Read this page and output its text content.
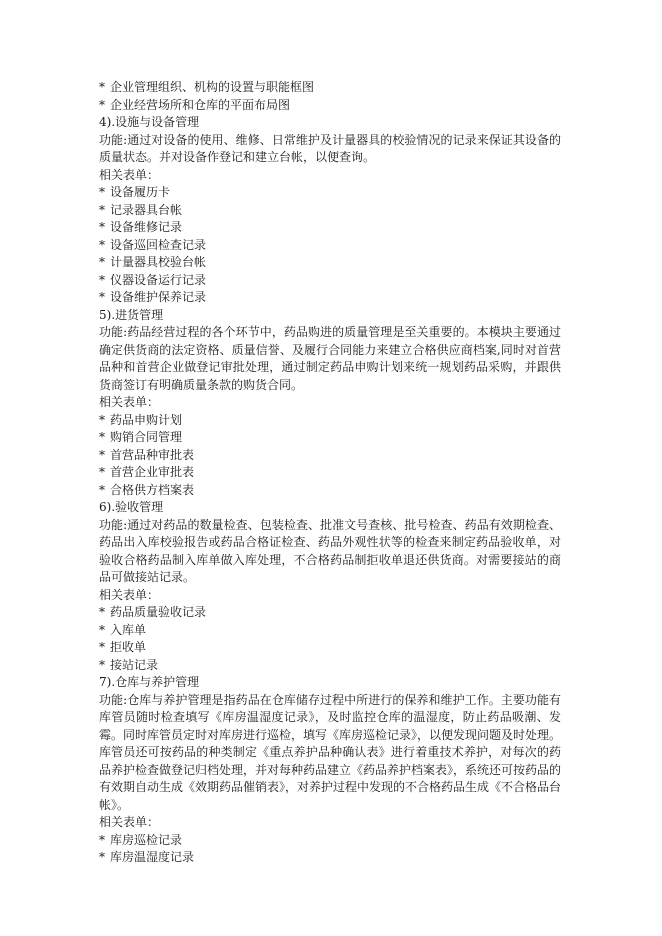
* 企业管理组织、机构的设置与职能框图
* 企业经营场所和仓库的平面布局图
4).设施与设备管理
功能:通过对设备的使用、维修、日常维护及计量器具的校验情况的记录来保证其设备的质量状态。并对设备作登记和建立台帐，以便查询。
相关表单：
* 设备履历卡
* 记录器具台帐
* 设备维修记录
* 设备巡回检查记录
* 计量器具校验台帐
* 仪器设备运行记录
* 设备维护保养记录
5).进货管理
功能:药品经营过程的各个环节中，药品购进的质量管理是至关重要的。本模块主要通过确定供货商的法定资格、质量信誉、及履行合同能力来建立合格供应商档案,同时对首营品种和首营企业做登记审批处理，通过制定药品申购计划来统一规划药品采购，并跟供货商签订有明确质量条款的购货合同。
相关表单：
* 药品申购计划
* 购销合同管理
* 首营品种审批表
* 首营企业审批表
* 合格供方档案表
6).验收管理
功能:通过对药品的数量检查、包装检查、批准文号查核、批号检查、药品有效期检查、药品出入库校验报告或药品合格证检查、药品外观性状等的检查来制定药品验收单，对验收合格药品制入库单做入库处理，不合格药品制拒收单退还供货商。对需要接站的商品可做接站记录。
相关表单：
* 药品质量验收记录
* 入库单
* 拒收单
* 接站记录
7).仓库与养护管理
功能:仓库与养护管理是指药品在仓库储存过程中所进行的保养和维护工作。主要功能有库管员随时检查填写《库房温湿度记录》，及时监控仓库的温湿度，防止药品吸潮、发霉。同时库管员定时对库房进行巡检，填写《库房巡检记录》，以便发现问题及时处理。库管员还可按药品的种类制定《重点养护品种确认表》进行着重技术养护，对每次的药品养护检查做登记归档处理，并对每种药品建立《药品养护档案表》，系统还可按药品的有效期自动生成《效期药品催销表》，对养护过程中发现的不合格药品生成《不合格品台帐》。
相关表单：
* 库房巡检记录
* 库房温湿度记录
